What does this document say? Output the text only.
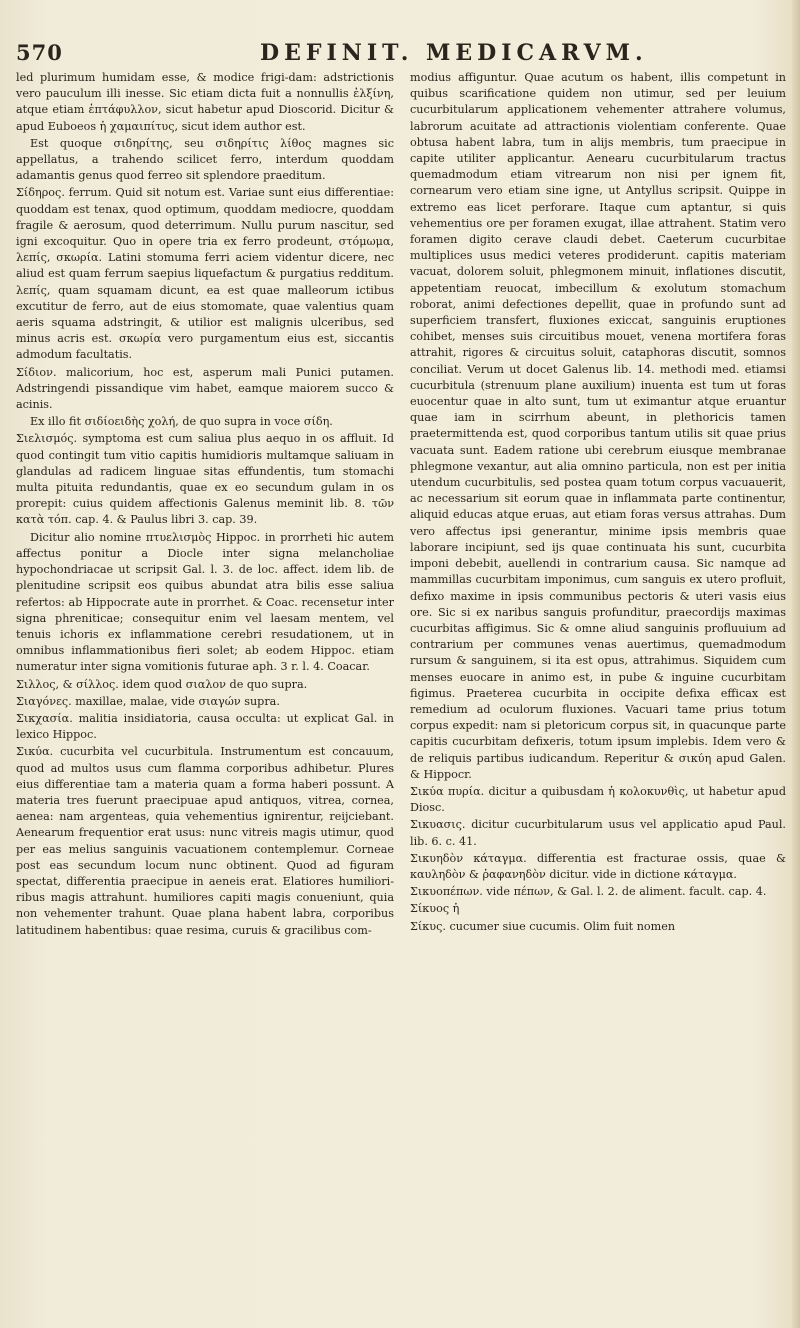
570	DEFINIT. MEDICARVM.

led plurimum humidam esse, & modice frigi-dam: adstrictionis vero pauculum illi inesse. Sic etiam dicta fuit a nonnullis ἐλξίνη, atque etiam ἑπτάφυλλον, sicut habetur apud Dioscorid. Dicitur & apud Euboeos ἡ χαμαιπίτυς, sicut idem author est.

Est quoque σιδηρίτης, seu σιδηρίτις λίθος magnes sic appellatus, a trahendo scilicet ferro, interdum quoddam adamantis genus quod ferreo sit splendore praeditum.

Σίδηρος. ferrum. Quid sit notum est. Variae sunt eius differentiae: quoddam est tenax, quod optimum, quoddam mediocre, quoddam fragile & aerosum, quod deterrimum. Nullu purum nascitur, sed igni excoquitur. Quo in opere tria ex ferro prodeunt, στόμωμα, λεπίς, σκωρία. Latini stomuma ferri aciem videntur dicere, nec aliud est quam ferrum saepius liquefactum & purgatius redditum. λεπίς, quam squamam dicunt, ea est quae malleorum ictibus excutitur de ferro, aut de eius stomomate, quae valentius quam aeris squama adstringit, & utilior est malignis ulceribus, sed minus acris est. σκωρία vero purgamentum eius est, siccantis admodum facultatis.

Σίδιον. malicorium, hoc est, asperum mali Punici putamen. Adstringendi pissandique vim habet, eamque maiorem succo & acinis.

Ex illo fit σιδίοειδὴς χολή, de quo supra in voce σίδη.

Σιελισμός. symptoma est cum saliua plus aequo in os affluit. Id quod contingit tum vitio capitis humidioris multamque saliuam in glandulas ad radicem linguae sitas effundentis, tum stomachi multa pituita redundantis, quae ex eo secundum gulam in os prorepit: cuius quidem affectionis Galenus meminit lib. 8. τῶν κατὰ τόπ. cap. 4. & Paulus libri 3. cap. 39.

Dicitur alio nomine πτυελισμὸς Hippoc. in prorrheti hic autem affectus ponitur a Diocle inter signa melancholiae hypochondriacae ut scripsit Gal. l. 3. de loc. affect. idem lib. de plenitudine scripsit eos quibus abundat atra bilis esse saliua refertos: ab Hippocrate aute in prorrhet. & Coac. recensetur inter signa phreniticae; consequitur enim vel laesam mentem, vel tenuis ichoris ex inflammatione cerebri resudationem, ut in omnibus inflammationibus fieri solet; ab eodem Hippoc. etiam numeratur inter signa vomitionis futurae aph. 3 r. l. 4. Coacar.

Σιλλος, & σίλλος. idem quod σιαλον de quo supra.

Σιαγόνες. maxillae, malae, vide σιαγών supra.

Σικχασία. malitia insidiatoria, causa occulta: ut explicat Gal. in lexico Hippoc.

Σικύα. cucurbita vel cucurbitula. Instrumentum est concauum, quod ad multos usus cum flamma corporibus adhibetur. Plures eius differentiae tam a materia quam a forma haberi possunt. A materia tres fuerunt praecipuae apud antiquos, vitrea, cornea, aenea: nam argenteas, quia vehementius ignirentur, reijciebant. Aenearum frequentior erat usus: nunc vitreis magis utimur, quod per eas melius sanguinis vacuationem contemplemur. Corneae post eas secundum locum nunc obtinent. Quod ad figuram spectat, differentia praecipue in aeneis erat. Elatiores humiliori-ribus magis attrahunt. humiliores capiti magis conueniunt, quia non vehementer trahunt. Quae plana habent labra, corporibus latitudinem habentibus: quae resima, curuis & gracilibus com-

modius affiguntur. Quae acutum os habent, illis competunt in quibus scarificatione quidem non utimur, sed per leuium cucurbitularum applicationem vehementer attrahere volumus, labrorum acuitate ad attractionis violentiam conferente. Quae obtusa habent labra, tum in alijs membris, tum praecipue in capite utiliter applicantur. Aenearu cucurbitularum tractus quemadmodum etiam vitrearum non nisi per ignem fit, cornearum vero etiam sine igne, ut Antyllus scripsit. Quippe in extremo eas licet perforare. Itaque cum aptantur, si quis vehementius ore per foramen exugat, illae attrahent. Statim vero foramen digito cerave claudi debet. Caeterum cucurbitae multiplices usus medici veteres prodiderunt. capitis materiam vacuat, dolorem soluit, phlegmonem minuit, inflationes discutit, appetentiam reuocat, imbecillum & exolutum stomachum roborat, animi defectiones depellit, quae in profundo sunt ad superficiem transfert, fluxiones exiccat, sanguinis eruptiones cohibet, menses suis circuitibus mouet, venena mortifera foras attrahit, rigores & circuitus soluit, cataphoras discutit, somnos conciliat. Verum ut docet Galenus lib. 14. methodi med. etiamsi cucurbitula (strenuum plane auxilium) inuenta est tum ut foras euocentur quae in alto sunt, tum ut eximantur atque eruantur quae iam in scirrhum abeunt, in plethoricis tamen praetermittenda est, quod corporibus tantum utilis sit quae prius vacuata sunt. Eadem ratione ubi cerebrum eiusque membranae phlegmone vexantur, aut alia omnino particula, non est per initia utendum cucurbitulis, sed postea quam totum corpus vacuauerit, ac necessarium sit eorum quae in inflammata parte continentur, aliquid educas atque eruas, aut etiam foras versus attrahas. Dum vero affectus ipsi generantur, minime ipsis membris quae laborare incipiunt, sed ijs quae continuata his sunt, cucurbita imponi debebit, auellendi in contrarium causa. Sic namque ad mammillas cucurbitam imponimus, cum sanguis ex utero profluit, defixo maxime in ipsis communibus pectoris & uteri vasis eius ore. Sic si ex naribus sanguis profunditur, praecordijs maximas cucurbitas affigimus. Sic & omne aliud sanguinis profluuium ad contrarium per communes venas auertimus, quemadmodum rursum & sanguinem, si ita est opus, attrahimus. Siquidem cum menses euocare in animo est, in pube & inguine cucurbitam figimus. Praeterea cucurbita in occipite defixa efficax est remedium ad oculorum fluxiones. Vacuari tame prius totum corpus expedit: nam si pletoricum corpus sit, in quacunque parte capitis cucurbitam defixeris, totum ipsum implebis. Idem vero & de reliquis partibus iudicandum. Reperitur & σικύη apud Galen. & Hippocr.

Σικύα πυρία. dicitur a quibusdam ἡ κολοκυνθὶς, ut habetur apud Diosc.

Σικυασις. dicitur cucurbitularum usus vel applicatio apud Paul. lib. 6. c. 41.

Σικυηδὸν κάταγμα. differentia est fracturae ossis, quae & καυληδὸν & ῥαφανηδὸν dicitur. vide in dictione κάταγμα.

Σικυοπέπων. vide πέπων, & Gal. l. 2. de aliment. facult. cap. 4.

Σίκυος ἡ

Σίκυς. cucumer siue cucumis. Olim fuit nomen
